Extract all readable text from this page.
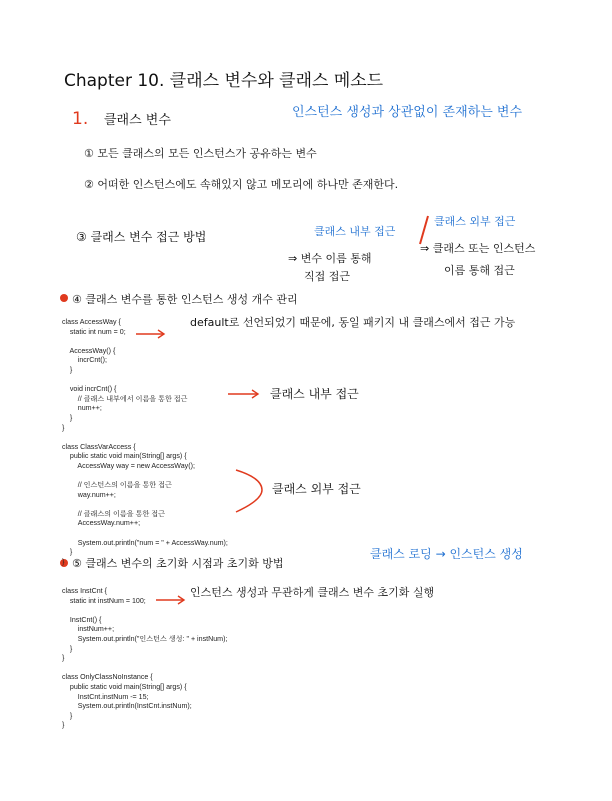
Chapter 10. 클래스 변수와 클래스 메소드
1. 클래스 변수
인스턴스 생성과 상관없이 존재하는 변수
① 모든 클래스의 모든 인스턴스가 공유하는 변수
② 어떠한 인스턴스에도 속해있지 않고 메모리에 하나만 존재한다.
③ 클래스 변수 접근 방법	클래스 내부 접근
클래스 외부 접근
⇒ 변수 이름 통해
직접 접근
⇒ 클래스 또는 인스턴스
이름 통해 접근
④ 클래스 변수를 통한 인스턴스 생성 개수 관리
class AccessWay {
static int num = 0;

AccessWay() {
incrCnt();
}

void incrCnt() {
// 클래스 내부에서 이름을 통한 접근
num++;
}
}

class ClassVarAccess {
public static void main(String[] args) {
AccessWay way = new AccessWay();

// 인스턴스의 이름을 통한 접근
way.num++;

// 클래스의 이름을 통한 접근
AccessWay.num++;

System.out.println("num = " + AccessWay.num);
}
}

default로 선언되었기 때문에, 동일 패키지 내 클래스에서 접근 가능
클래스 내부 접근
클래스 외부 접근
⑤ 클래스 변수의 초기화 시점과 초기화 방법
클래스 로딩 → 인스턴스 생성
class InstCnt {
static int instNum = 100;

InstCnt() {
instNum++;
System.out.println("인스턴스 생성: " + instNum);
}
}

class OnlyClassNoInstance {
public static void main(String[] args) {
InstCnt.instNum -= 15;
System.out.println(InstCnt.instNum);
}
}

인스턴스 생성과 무관하게 클래스 변수 초기화 실행
